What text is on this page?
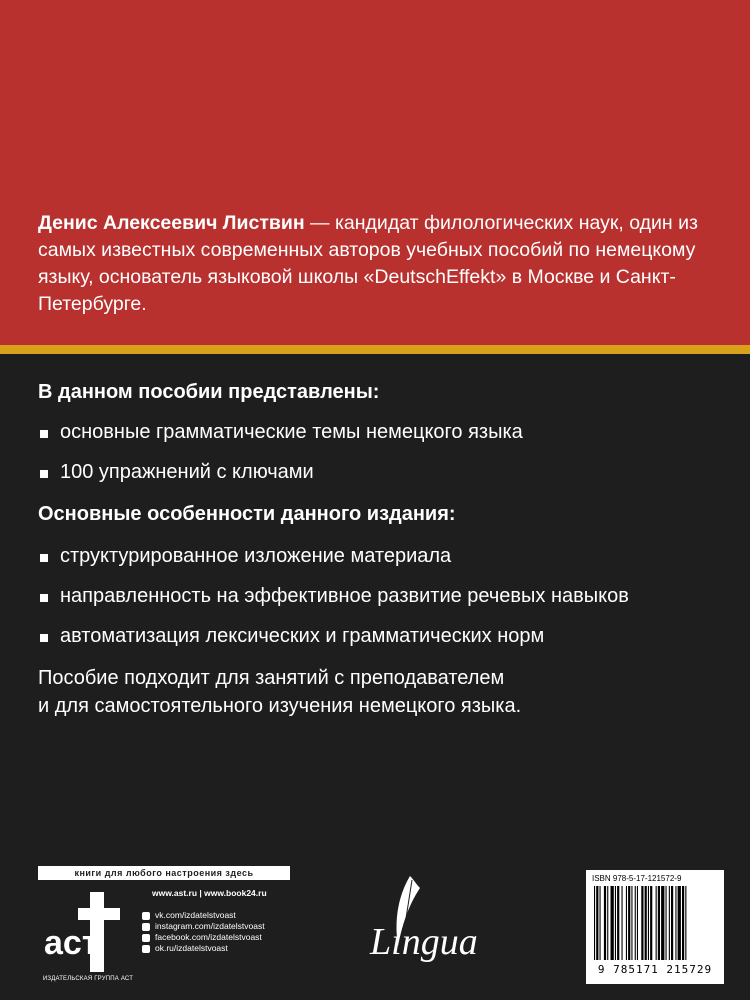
Денис Алексеевич Листвин — кандидат филологических наук, один из самых известных современных авторов учебных пособий по немецкому языку, основатель языковой школы «DeutschEffekt» в Москве и Санкт-Петербурге.

В данном пособии представлены:

основные грамматические темы немецкого языка
100 упражнений с ключами

Основные особенности данного издания:

структурированное изложение материала
направленность на эффективное развитие речевых навыков
автоматизация лексических и грамматических норм

Пособие подходит для занятий с преподавателем
и для самостоятельного изучения немецкого языка.

книги для любого настроения здесь
аст
ИЗДАТЕЛЬСКАЯ ГРУППА АСТ
www.ast.ru | www.book24.ru
vk.com/izdatelstvoast
instagram.com/izdatelstvoast
facebook.com/izdatelstvoast
ok.ru/izdatelstvoast	Lingua
ISBN 978-5-17-121572-9
9 785171 215729
